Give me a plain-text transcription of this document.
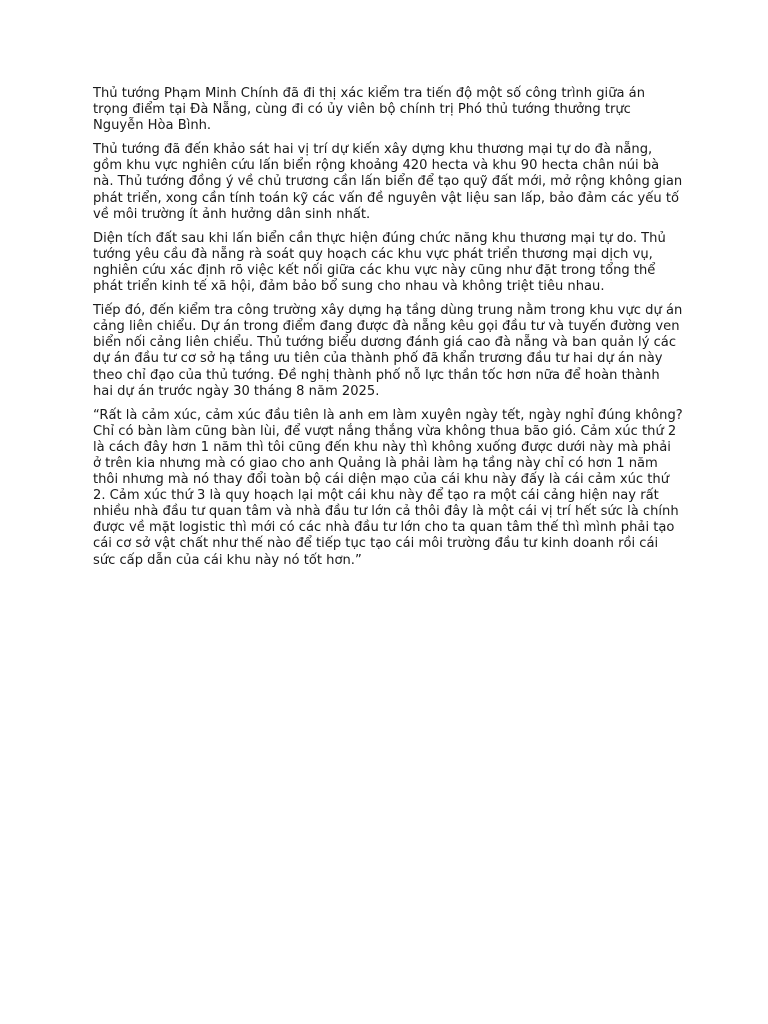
Thủ tướng Phạm Minh Chính đã đi thị xác kiểm tra tiến độ một số công trình giữa án trọng điểm tại Đà Nẵng, cùng đi có ủy viên bộ chính trị Phó thủ tướng thưởng trực Nguyễn Hòa Bình.

Thủ tướng đã đến khảo sát hai vị trí dự kiến xây dựng khu thương mại tự do đà nẵng, gồm khu vực nghiên cứu lấn biển rộng khoảng 420 hecta và khu 90 hecta chân núi bà nà. Thủ tướng đồng ý về chủ trương cần lấn biển để tạo quỹ đất mới, mở rộng không gian phát triển, xong cần tính toán kỹ các vấn đề nguyên vật liệu san lấp, bảo đảm các yếu tố về môi trường ít ảnh hưởng dân sinh nhất.

Diện tích đất sau khi lấn biển cần thực hiện đúng chức năng khu thương mại tự do. Thủ tướng yêu cầu đà nẵng rà soát quy hoạch các khu vực phát triển thương mại dịch vụ, nghiên cứu xác định rõ việc kết nối giữa các khu vực này cũng như đặt trong tổng thể phát triển kinh tế xã hội, đảm bảo bổ sung cho nhau và không triệt tiêu nhau.

Tiếp đó, đến kiểm tra công trường xây dựng hạ tầng dùng trung nằm trong khu vực dự án cảng liên chiểu. Dự án trong điểm đang được đà nẵng kêu gọi đầu tư và tuyến đường ven biển nối cảng liên chiểu. Thủ tướng biểu dương đánh giá cao đà nẵng và ban quản lý các dự án đầu tư cơ sở hạ tầng ưu tiên của thành phố đã khẩn trương đầu tư hai dự án này theo chỉ đạo của thủ tướng. Đề nghị thành phố nỗ lực thần tốc hơn nữa để hoàn thành hai dự án trước ngày 30 tháng 8 năm 2025.

“Rất là cảm xúc, cảm xúc đầu tiên là anh em làm xuyên ngày tết, ngày nghỉ đúng không? Chỉ có bàn làm cũng bàn lùi, để vượt nắng thắng vừa không thua bão gió. Cảm xúc thứ 2 là cách đây hơn 1 năm thì tôi cũng đến khu này thì không xuống được dưới này mà phải ở trên kia nhưng mà có giao cho anh Quảng là phải làm hạ tầng này chỉ có hơn 1 năm thôi nhưng mà nó thay đổi toàn bộ cái diện mạo của cái khu này đấy là cái cảm xúc thứ 2. Cảm xúc thứ 3 là quy hoạch lại một cái khu này để tạo ra một cái cảng hiện nay rất nhiều nhà đầu tư quan tâm và nhà đầu tư lớn cả thôi đây là một cái vị trí hết sức là chính được về mặt logistic thì mới có các nhà đầu tư lớn cho ta quan tâm thế thì mình phải tạo cái cơ sở vật chất như thế nào để tiếp tục tạo cái môi trường đầu tư kinh doanh rồi cái sức cấp dẫn của cái khu này nó tốt hơn.”
